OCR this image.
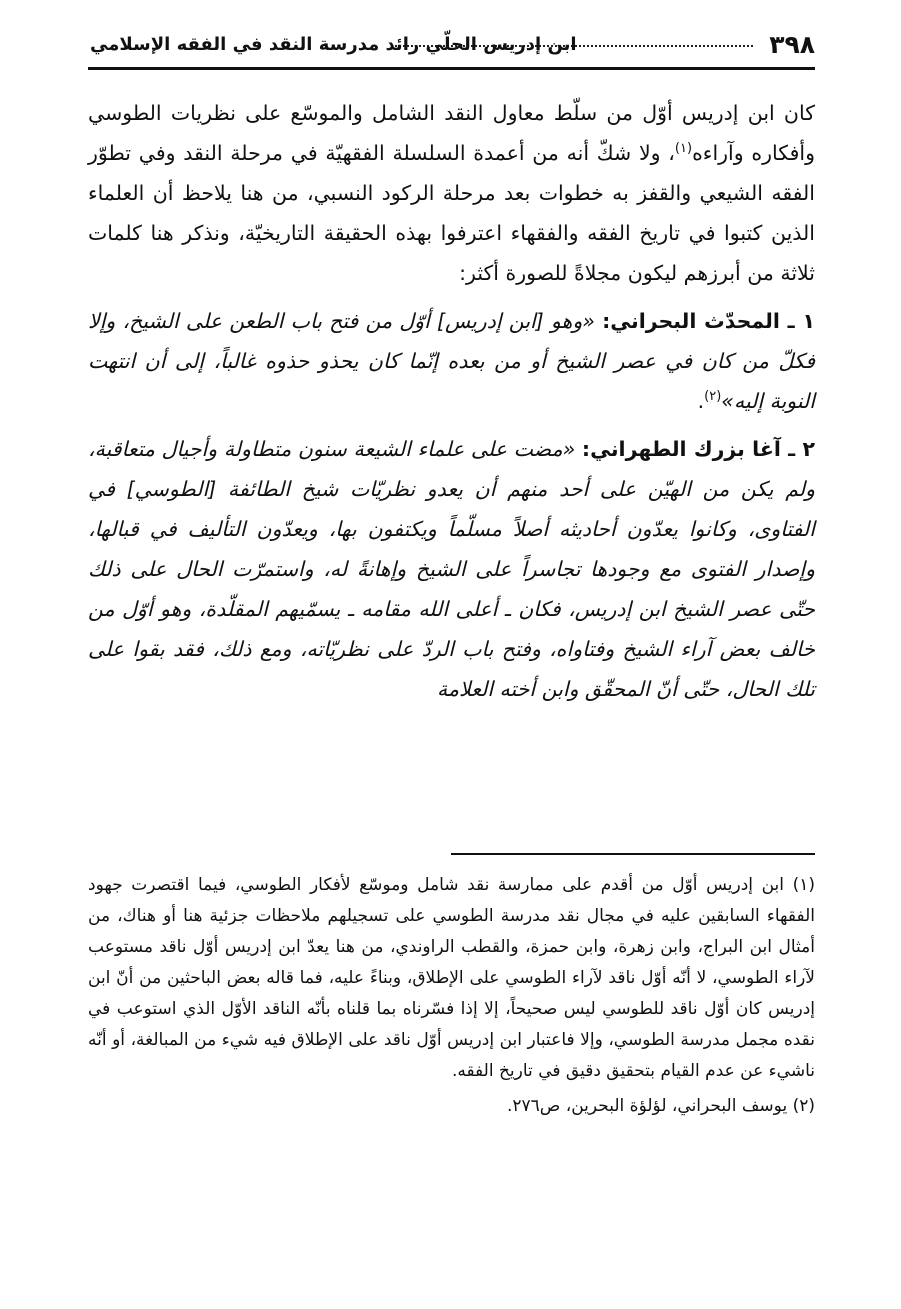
٣٩٨
ابن إدريس الحلّي رائد مدرسة النقد في الفقه الإسلامي

كان ابن إدريس أوّل من سلّط معاول النقد الشامل والموسّع على نظريات الطوسي وأفكاره وآراءه$^{(١)}$، ولا شكّ أنه من أعمدة السلسلة الفقهيّة في مرحلة النقد وفي تطوّر الفقه الشيعي والقفز به خطوات بعد مرحلة الركود النسبي، من هنا يلاحظ أن العلماء الذين كتبوا في تاريخ الفقه والفقهاء اعترفوا بهذه الحقيقة التاريخيّة، ونذكر هنا كلمات ثلاثة من أبرزهم ليكون مجلاةً للصورة أكثر:

١ ـ المحدّث البحراني: «وهو [ابن إدريس] أوّل من فتح باب الطعن على الشيخ، وإلا فكلّ من كان في عصر الشيخ أو من بعده إنّما كان يحذو حذوه غالباً، إلى أن انتهت النوبة إليه»$^{(٢)}$.

٢ ـ آغا بزرك الطهراني: «مضت على علماء الشيعة سنون متطاولة وأجيال متعاقبة، ولم يكن من الهيّن على أحد منهم أن يعدو نظريّات شيخ الطائفة [الطوسي] في الفتاوى، وكانوا يعدّون أحاديثه أصلاً مسلّماً ويكتفون بها، ويعدّون التأليف في قبالها، وإصدار الفتوى مع وجودها تجاسراً على الشيخ وإهانةً له، واستمرّت الحال على ذلك حتّى عصر الشيخ ابن إدريس، فكان ـ أعلى الله مقامه ـ يسمّيهم المقلّدة، وهو أوّل من خالف بعض آراء الشيخ وفتاواه، وفتح باب الردّ على نظريّاته، ومع ذلك، فقد بقوا على تلك الحال، حتّى أنّ المحقّق وابن أخته العلامة

(١) ابن إدريس أوّل من أقدم على ممارسة نقد شامل وموسّع لأفكار الطوسي، فيما اقتصرت جهود الفقهاء السابقين عليه في مجال نقد مدرسة الطوسي على تسجيلهم ملاحظات جزئية هنا أو هناك، من أمثال ابن البراج، وابن زهرة، وابن حمزة، والقطب الراوندي، من هنا يعدّ ابن إدريس أوّل ناقد مستوعب لآراء الطوسي، لا أنّه أوّل ناقد لآراء الطوسي على الإطلاق، وبناءً عليه، فما قاله بعض الباحثين من أنّ ابن إدريس كان أوّل ناقد للطوسي ليس صحيحاً، إلا إذا فسّرناه بما قلناه بأنّه الناقد الأوّل الذي استوعب في نقده مجمل مدرسة الطوسي، وإلا فاعتبار ابن إدريس أوّل ناقد على الإطلاق فيه شيء من المبالغة، أو أنّه ناشيء عن عدم القيام بتحقيق دقيق في تاريخ الفقه.

(٢) يوسف البحراني، لؤلؤة البحرين، ص٢٧٦.
